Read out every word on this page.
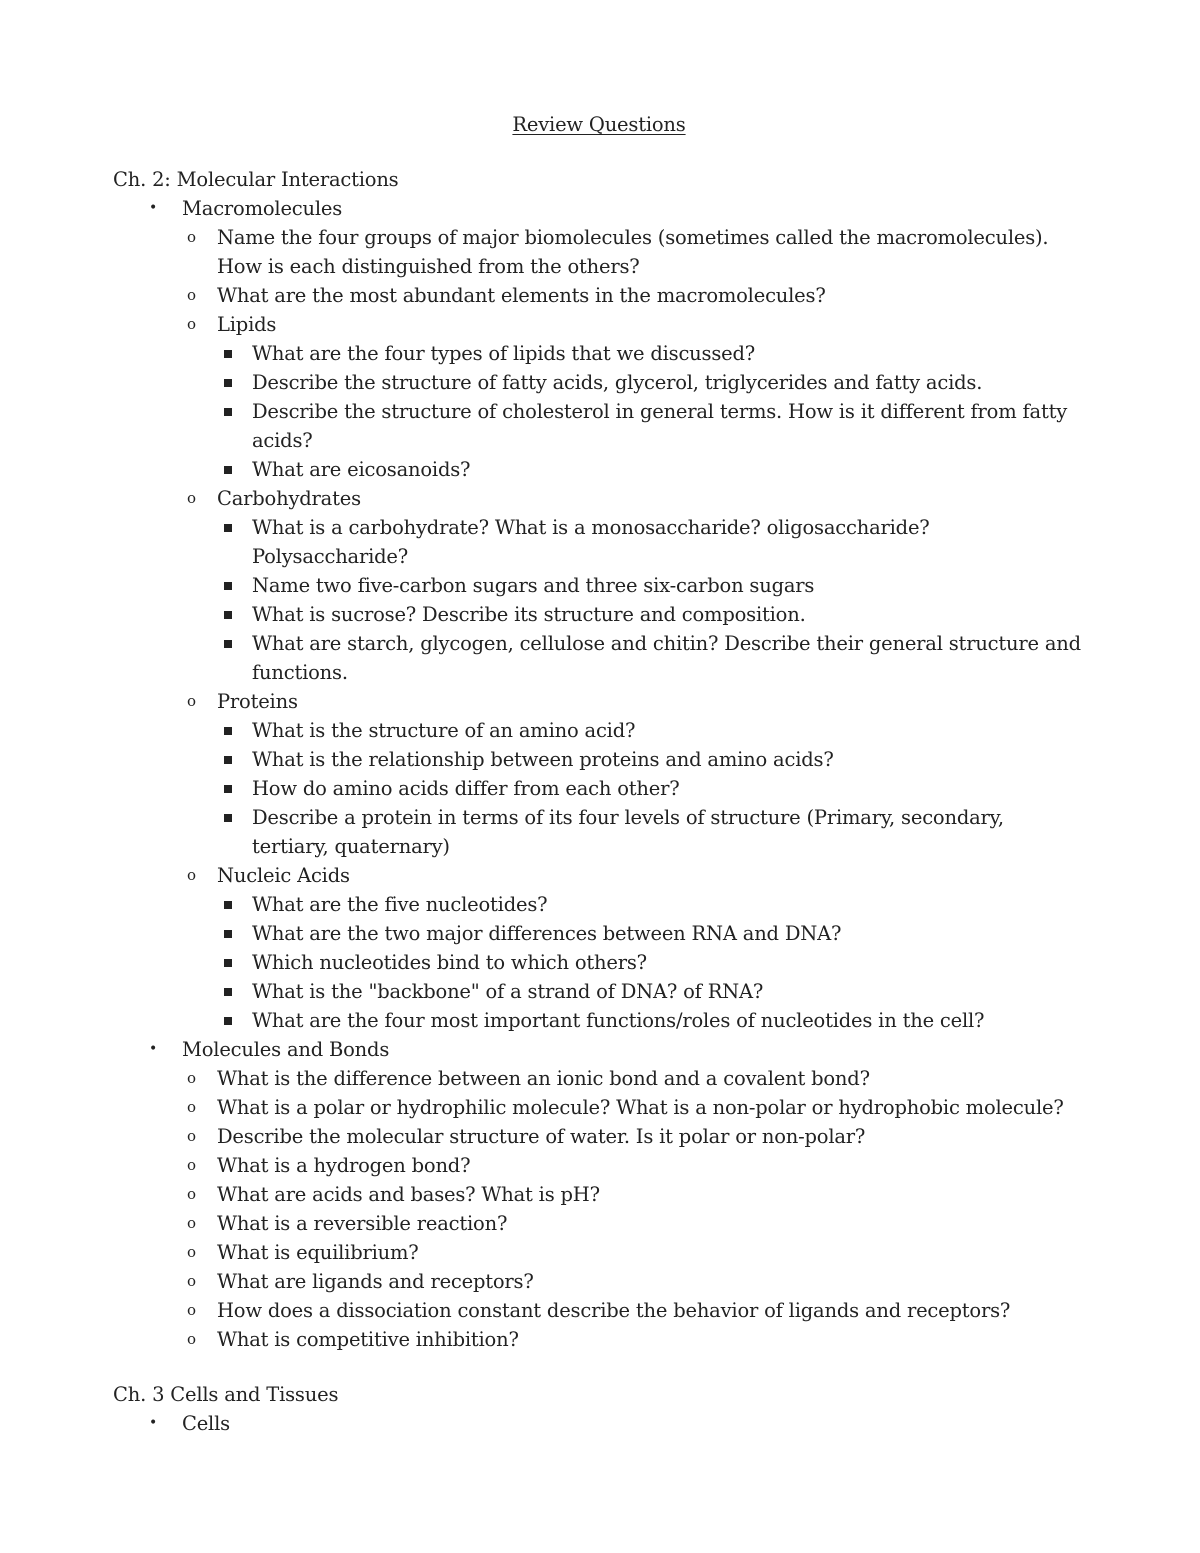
Review Questions
Ch. 2: Molecular Interactions
•	Macromolecules
o Name the four groups of major biomolecules (sometimes called the macromolecules). How is each distinguished from the others?
o What are the most abundant elements in the macromolecules?
o Lipids
What are the four types of lipids that we discussed?
Describe the structure of fatty acids, glycerol, triglycerides and fatty acids.
Describe the structure of cholesterol in general terms. How is it different from fatty acids?
What are eicosanoids?
o Carbohydrates
What is a carbohydrate? What is a monosaccharide? oligosaccharide? Polysaccharide?
Name two five-carbon sugars and three six-carbon sugars
What is sucrose? Describe its structure and composition.
What are starch, glycogen, cellulose and chitin? Describe their general structure and functions.
o Proteins
What is the structure of an amino acid?
What is the relationship between proteins and amino acids?
How do amino acids differ from each other?
Describe a protein in terms of its four levels of structure (Primary, secondary, tertiary, quaternary)
o Nucleic Acids
What are the five nucleotides?
What are the two major differences between RNA and DNA?
Which nucleotides bind to which others?
What is the "backbone" of a strand of DNA? of RNA?
What are the four most important functions/roles of nucleotides in the cell?
•	Molecules and Bonds
o What is the difference between an ionic bond and a covalent bond?
o What is a polar or hydrophilic molecule? What is a non-polar or hydrophobic molecule?
o Describe the molecular structure of water. Is it polar or non-polar?
o What is a hydrogen bond?
o What are acids and bases? What is pH?
o What is a reversible reaction?
o What is equilibrium?
o What are ligands and receptors?
o How does a dissociation constant describe the behavior of ligands and receptors?
o What is competitive inhibition?
Ch. 3 Cells and Tissues
•	Cells
